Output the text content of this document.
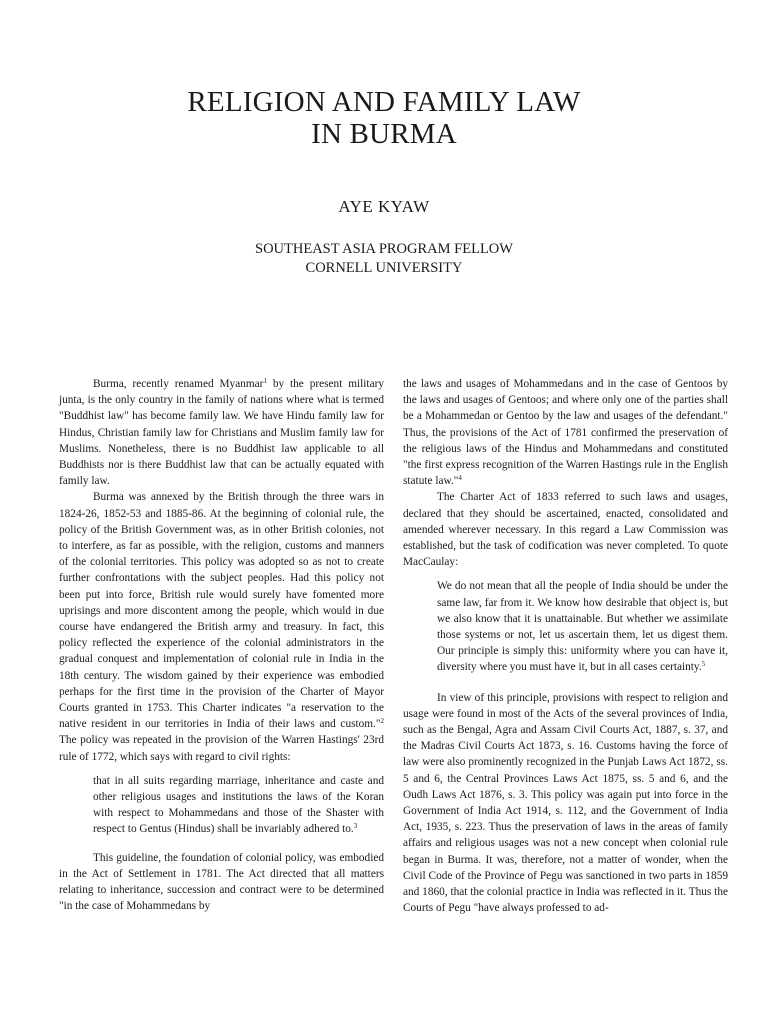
RELIGION AND FAMILY LAW
IN BURMA
AYE KYAW
SOUTHEAST ASIA PROGRAM FELLOW
CORNELL UNIVERSITY

Burma, recently renamed Myanmar$^1$ by the present military junta, is the only country in the family of nations where what is termed "Buddhist law" has become family law. We have Hindu family law for Hindus, Christian family law for Christians and Muslim family law for Muslims. Nonetheless, there is no Buddhist law applicable to all Buddhists nor is there Buddhist law that can be actually equated with family law.

Burma was annexed by the British through the three wars in 1824-26, 1852-53 and 1885-86. At the beginning of colonial rule, the policy of the British Government was, as in other British colonies, not to interfere, as far as possible, with the religion, customs and manners of the colonial territories. This policy was adopted so as not to create further confrontations with the subject peoples. Had this policy not been put into force, British rule would surely have fomented more uprisings and more discontent among the people, which would in due course have endangered the British army and treasury. In fact, this policy reflected the experience of the colonial administrators in the gradual conquest and implementation of colonial rule in India in the 18th century. The wisdom gained by their experience was embodied perhaps for the first time in the provision of the Charter of Mayor Courts granted in 1753. This Charter indicates "a reservation to the native resident in our territories in India of their laws and custom."$^2$ The policy was repeated in the provision of the Warren Hastings' 23rd rule of 1772, which says with regard to civil rights:

that in all suits regarding marriage, inheritance and caste and other religious usages and institutions the laws of the Koran with respect to Mohammedans and those of the Shaster with respect to Gentus (Hindus) shall be invariably adhered to.$^3$

This guideline, the foundation of colonial policy, was embodied in the Act of Settlement in 1781. The Act directed that all matters relating to inheritance, succession and contract were to be determined "in the case of Mohammedans by

the laws and usages of Mohammedans and in the case of Gentoos by the laws and usages of Gentoos; and where only one of the parties shall be a Mohammedan or Gentoo by the law and usages of the defendant." Thus, the provisions of the Act of 1781 confirmed the preservation of the religious laws of the Hindus and Mohammedans and constituted "the first express recognition of the Warren Hastings rule in the English statute law."$^4$

The Charter Act of 1833 referred to such laws and usages, declared that they should be ascertained, enacted, consolidated and amended wherever necessary. In this regard a Law Commission was established, but the task of codification was never completed. To quote MacCaulay:

We do not mean that all the people of India should be under the same law, far from it. We know how desirable that object is, but we also know that it is unattainable. But whether we assimilate those systems or not, let us ascertain them, let us digest them. Our principle is simply this: uniformity where you can have it, diversity where you must have it, but in all cases certainty.$^5$

In view of this principle, provisions with respect to religion and usage were found in most of the Acts of the several provinces of India, such as the Bengal, Agra and Assam Civil Courts Act, 1887, s. 37, and the Madras Civil Courts Act 1873, s. 16. Customs having the force of law were also prominently recognized in the Punjab Laws Act 1872, ss. 5 and 6, the Central Provinces Laws Act 1875, ss. 5 and 6, and the Oudh Laws Act 1876, s. 3. This policy was again put into force in the Government of India Act 1914, s. 112, and the Government of India Act, 1935, s. 223. Thus the preservation of laws in the areas of family affairs and religious usages was not a new concept when colonial rule began in Burma. It was, therefore, not a matter of wonder, when the Civil Code of the Province of Pegu was sanctioned in two parts in 1859 and 1860, that the colonial practice in India was reflected in it. Thus the Courts of Pegu "have always professed to ad-
